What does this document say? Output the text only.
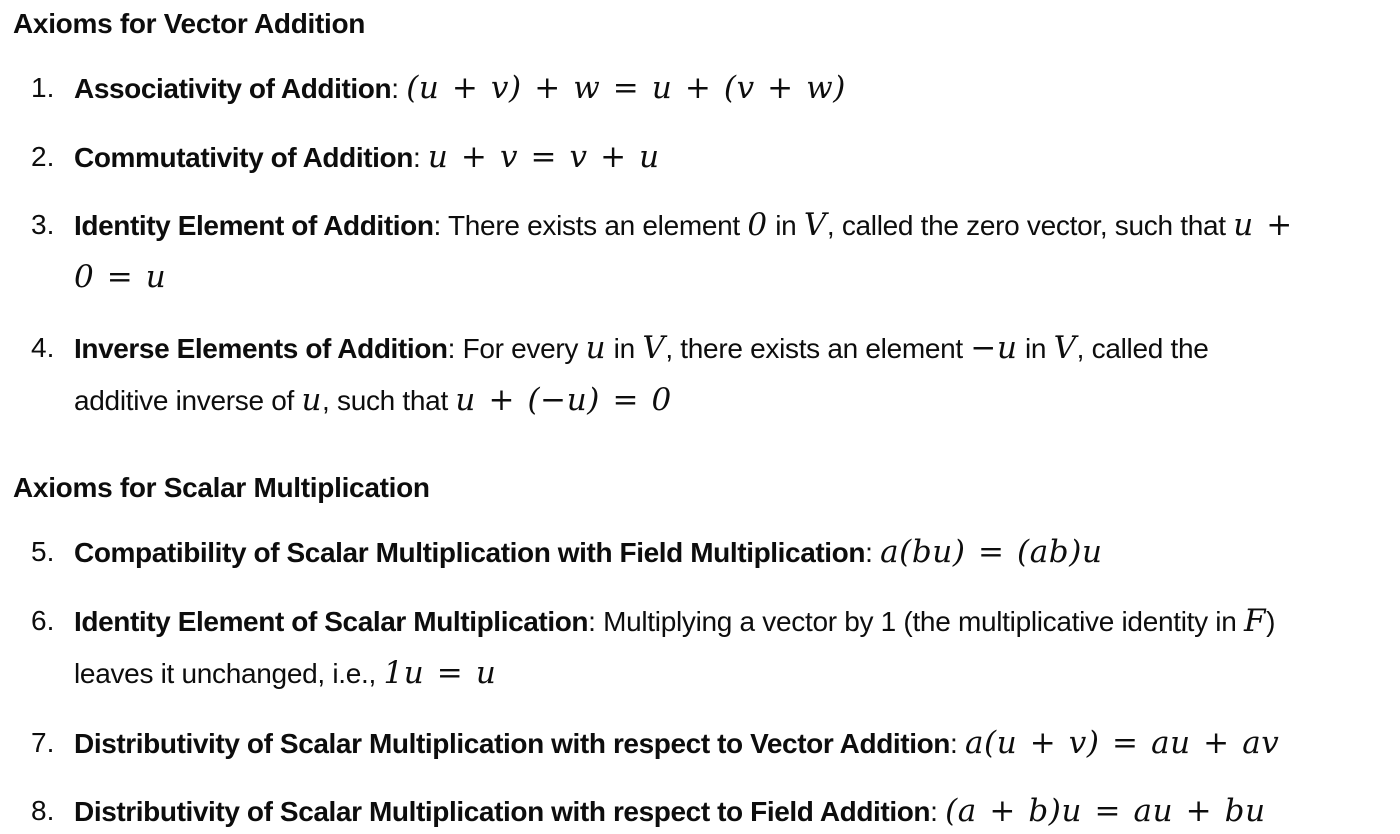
Axioms for Vector Addition
1. Associativity of Addition: (u + v) + w = u + (v + w)
2. Commutativity of Addition: u + v = v + u
3. Identity Element of Addition: There exists an element 0 in V, called the zero vector, such that u +
0 = u
4. Inverse Elements of Addition: For every u in V, there exists an element −u in V, called the
additive inverse of u, such that u + (−u) = 0
Axioms for Scalar Multiplication
5. Compatibility of Scalar Multiplication with Field Multiplication: a(bu) = (ab)u
6. Identity Element of Scalar Multiplication: Multiplying a vector by 1 (the multiplicative identity in F)
leaves it unchanged, i.e., 1u = u
7. Distributivity of Scalar Multiplication with respect to Vector Addition: a(u + v) = au + av
8. Distributivity of Scalar Multiplication with respect to Field Addition: (a + b)u = au + bu
